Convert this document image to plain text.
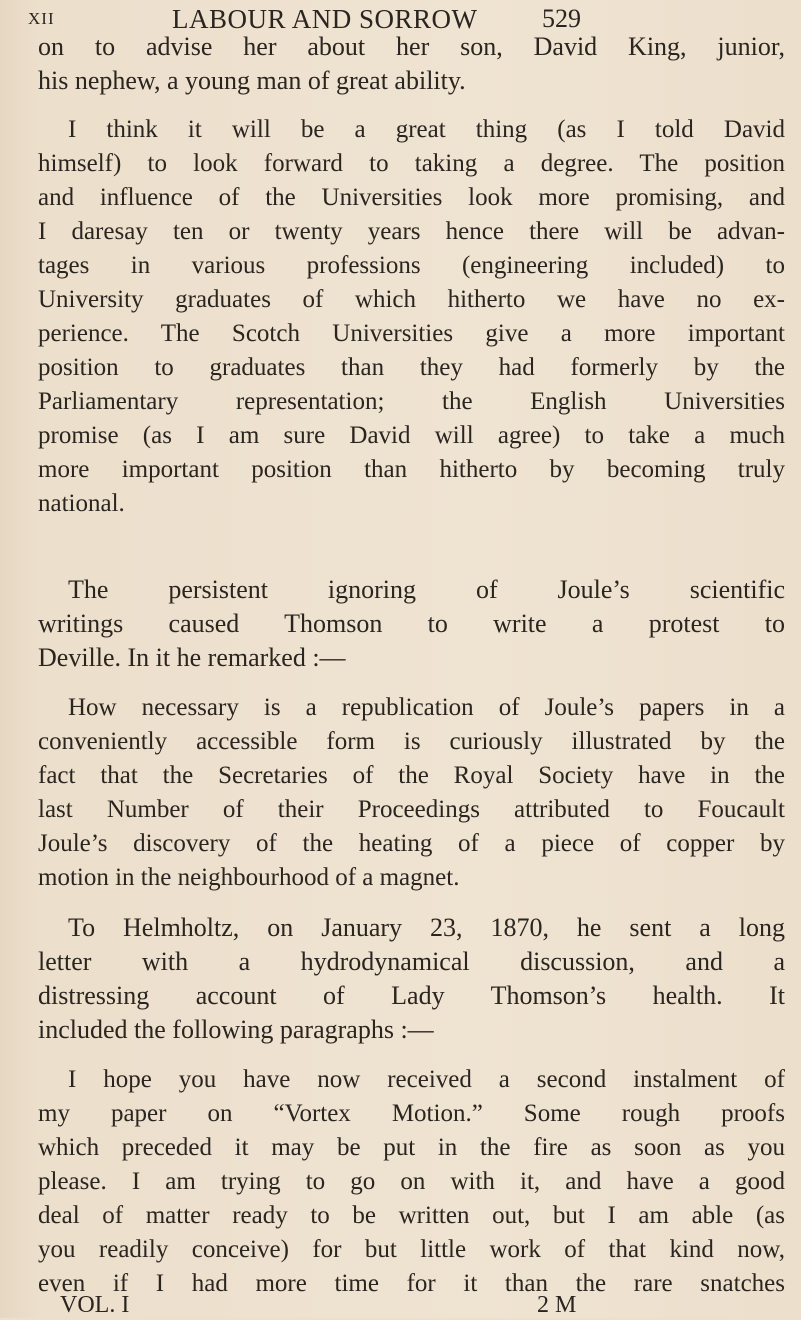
XII	LABOUR AND SORROW 529
on to advise her about her son, David King, junior,
his nephew, a young man of great ability.
I think it will be a great thing (as I told David
himself) to look forward to taking a degree. The position
and influence of the Universities look more promising, and
I daresay ten or twenty years hence there will be advan-
tages in various professions (engineering included) to
University graduates of which hitherto we have no ex-
perience. The Scotch Universities give a more important
position to graduates than they had formerly by the
Parliamentary representation; the English Universities
promise (as I am sure David will agree) to take a much
more important position than hitherto by becoming truly
national.
The persistent ignoring of Joule’s scientific
writings caused Thomson to write a protest to
Deville. In it he remarked :—
How necessary is a republication of Joule’s papers in a
conveniently accessible form is curiously illustrated by the
fact that the Secretaries of the Royal Society have in the
last Number of their Proceedings attributed to Foucault
Joule’s discovery of the heating of a piece of copper by
motion in the neighbourhood of a magnet.
To Helmholtz, on January 23, 1870, he sent a long
letter with a hydrodynamical discussion, and a
distressing account of Lady Thomson’s health. It
included the following paragraphs :—
I hope you have now received a second instalment of
my paper on “Vortex Motion.” Some rough proofs
which preceded it may be put in the fire as soon as you
please. I am trying to go on with it, and have a good
deal of matter ready to be written out, but I am able (as
you readily conceive) for but little work of that kind now,
even if I had more time for it than the rare snatches
VOL. I	2 M
